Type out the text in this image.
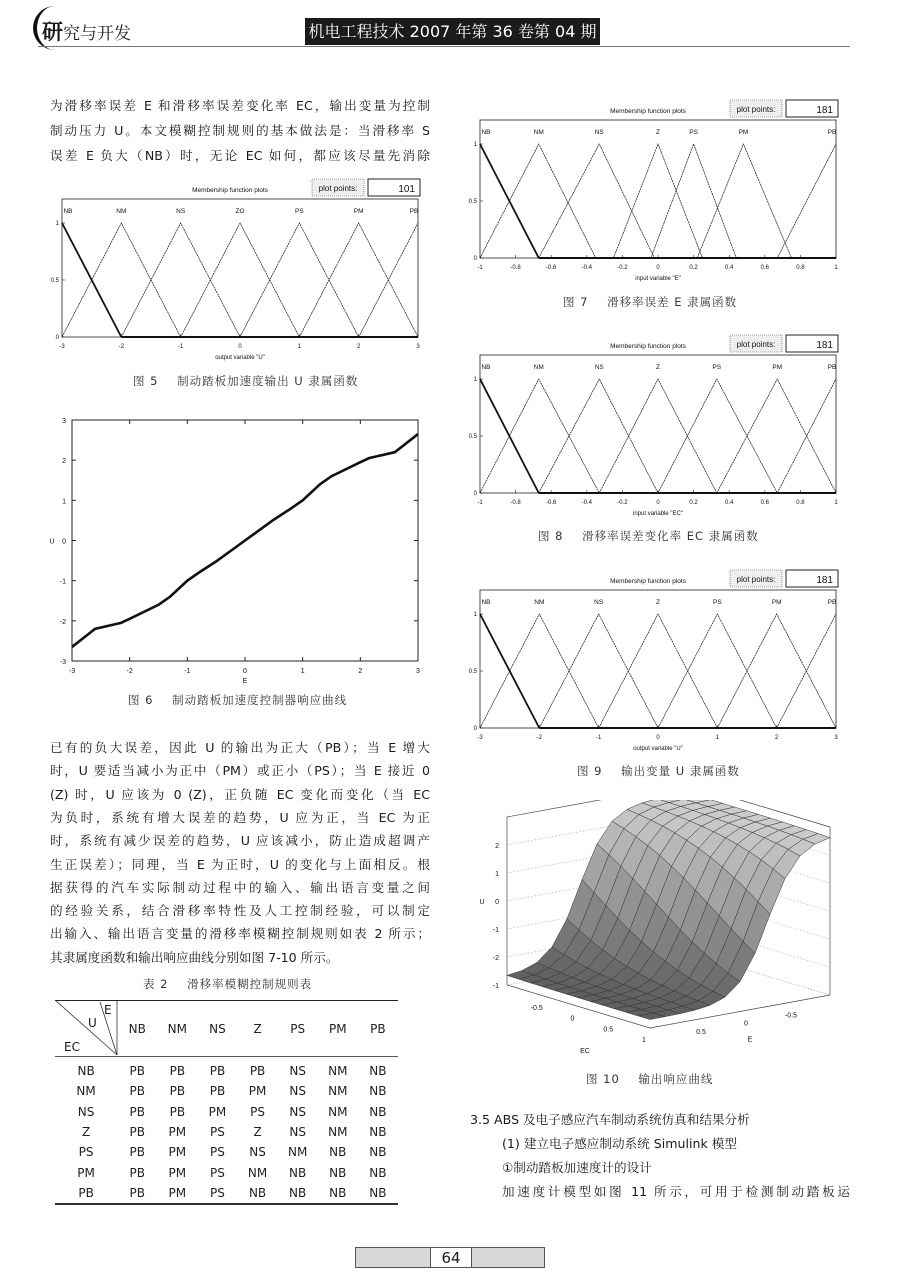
研究与开发	机电工程技术 2007 年第 36 卷第 04 期
为滑移率误差 E 和滑移率误差变化率 EC，输出变量为控制
制动压力 U。本文模糊控制规则的基本做法是：当滑移率 S
误差 E 负大（NB）时，无论 EC 如何，都应该尽量先消除
已有的负大误差，因此 U 的输出为正大（PB）；当 E 增大
时，U 要适当减小为正中（PM）或正小（PS）；当 E 接近 0
(Z) 时，U 应该为 0 (Z)，正负随 EC 变化而变化（当 EC
为负时，系统有增大误差的趋势，U 应为正，当 EC 为正
时，系统有减少误差的趋势，U 应该减小，防止造成超调产
生正误差）；同理，当 E 为正时，U 的变化与上面相反。根
据获得的汽车实际制动过程中的输入、输出语言变量之间
的经验关系，结合滑移率特性及人工控制经验，可以制定
出输入、输出语言变量的滑移率模糊控制规则如表 2 所示；
其隶属度函数和输出响应曲线分别如图 7-10 所示。
Membership function plots	plot points:	101
0
0.5
1
-3	-2	-1	0	1	2	3
output variable "U"
NB	NM	NS	ZO	PS	PM	PB
图 5    制动踏板加速度输出 U 隶属函数
-3
-2
-1
0
1
2
3
-3	-2	-1	0	1	2	3
E
U
图 6    制动踏板加速度控制器响应曲线
Membership function plots	plot points:	181
0
0.5
1
-1	-0.8	-0.6	-0.4	-0.2	0	0.2	0.4	0.6	0.8	1
input variable "E"
NB	NM	NS	Z	PS	PM	PB
图 7    滑移率误差 E 隶属函数
Membership function plots	plot points:	181
0
0.5
1
-1	-0.8	-0.6	-0.4	-0.2	0	0.2	0.4	0.6	0.8	1
input variable "EC"
NB	NM	NS	Z	PS	PM	PB
图 8    滑移率误差变化率 EC 隶属函数
Membership function plots	plot points:	181
0
0.5
1
-3	-2	-1	0	1	2	3
output variable "U"
NB	NM	NS	Z	PS	PM	PB
图 9    输出变量 U 隶属函数
-1
-2
-1
0
1
2
U
-0.5
0
0.5
1
-0.5
0
0.5
EC
E
图 10    输出响应曲线
表 2    滑移率模糊控制规则表
E
U
EC
	NB	NM	NS	Z	PS	PM	PB
NB	PB	PB	PB	PB	NS	NM	NB
NM	PB	PB	PB	PM	NS	NM	NB
NS	PB	PB	PM	PS	NS	NM	NB
Z	PB	PM	PS	Z	NS	NM	NB
PS	PB	PM	PS	NS	NM	NB	NB
PM	PB	PM	PS	NM	NB	NB	NB
PB	PB	PM	PS	NB	NB	NB	NB
3.5 ABS 及电子感应汽车制动系统仿真和结果分析
(1) 建立电子感应制动系统 Simulink 模型
①制动踏板加速度计的设计
加速度计模型如图 11 所示，可用于检测制动踏板运
64
